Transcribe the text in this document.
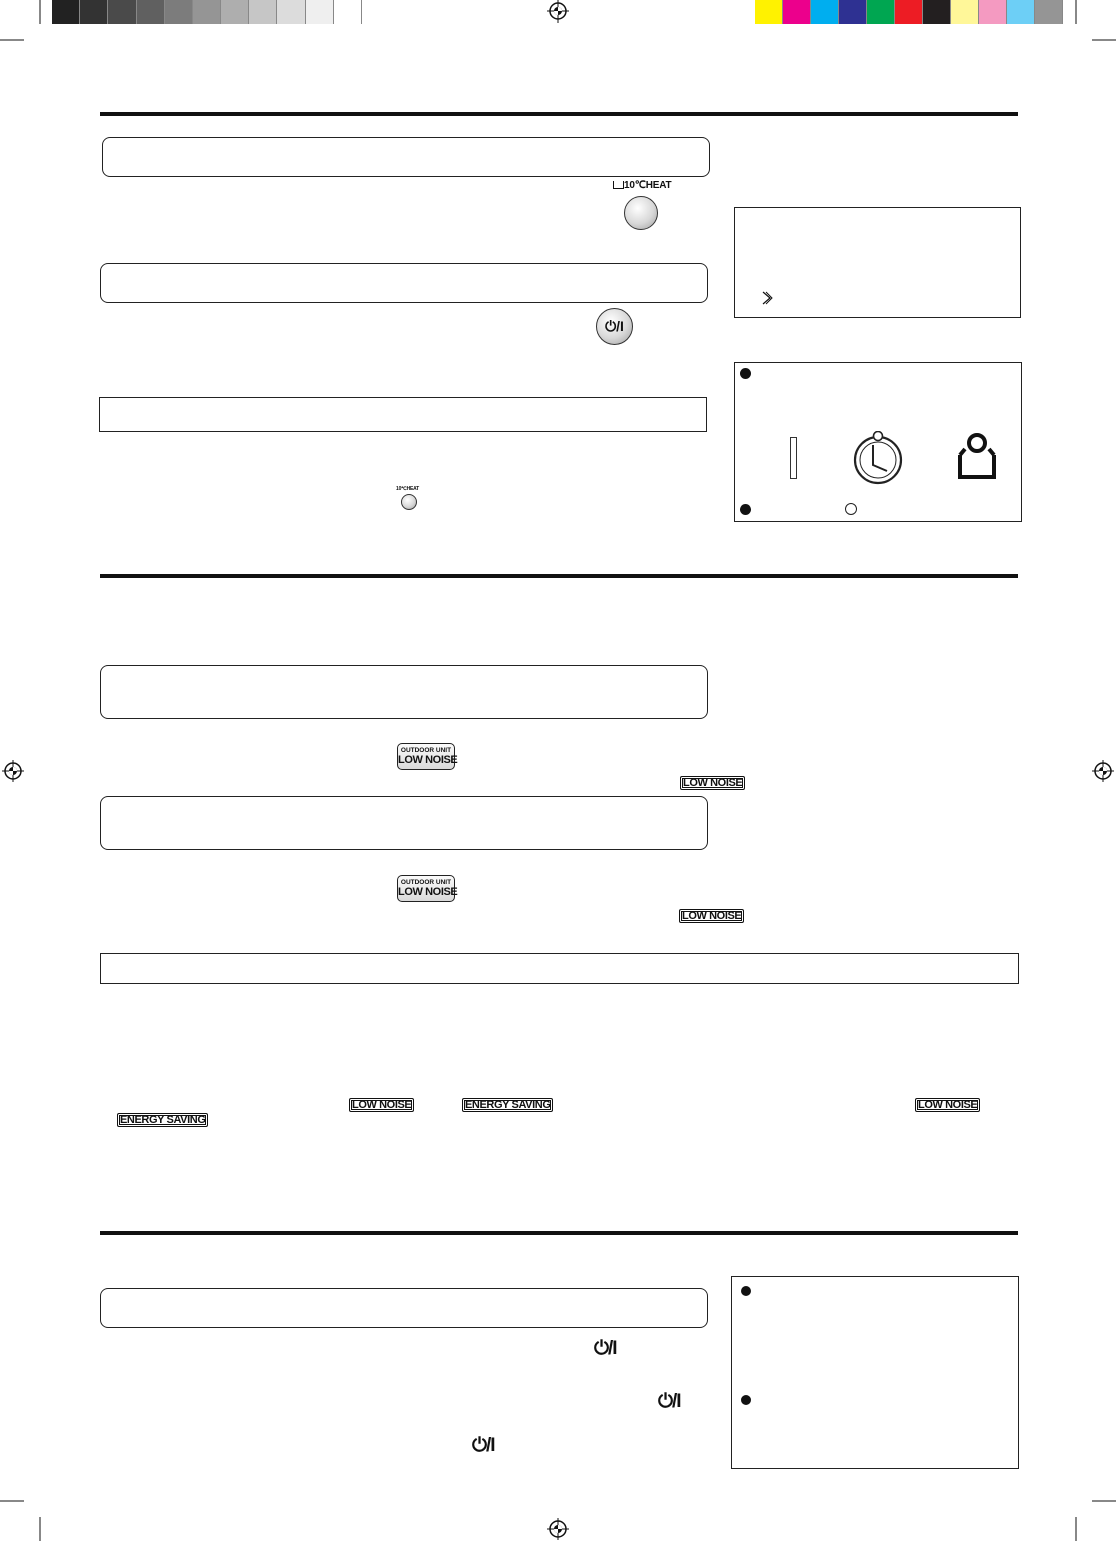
10℃HEAT
⏻/I
10℃HEAT
OUTDOOR UNIT
LOW NOISE
LOW NOISE
OUTDOOR UNIT
LOW NOISE
LOW NOISE
LOW NOISE	ENERGY SAVING	LOW NOISE
ENERGY SAVING
⏻/I
⏻/I
⏻/I
